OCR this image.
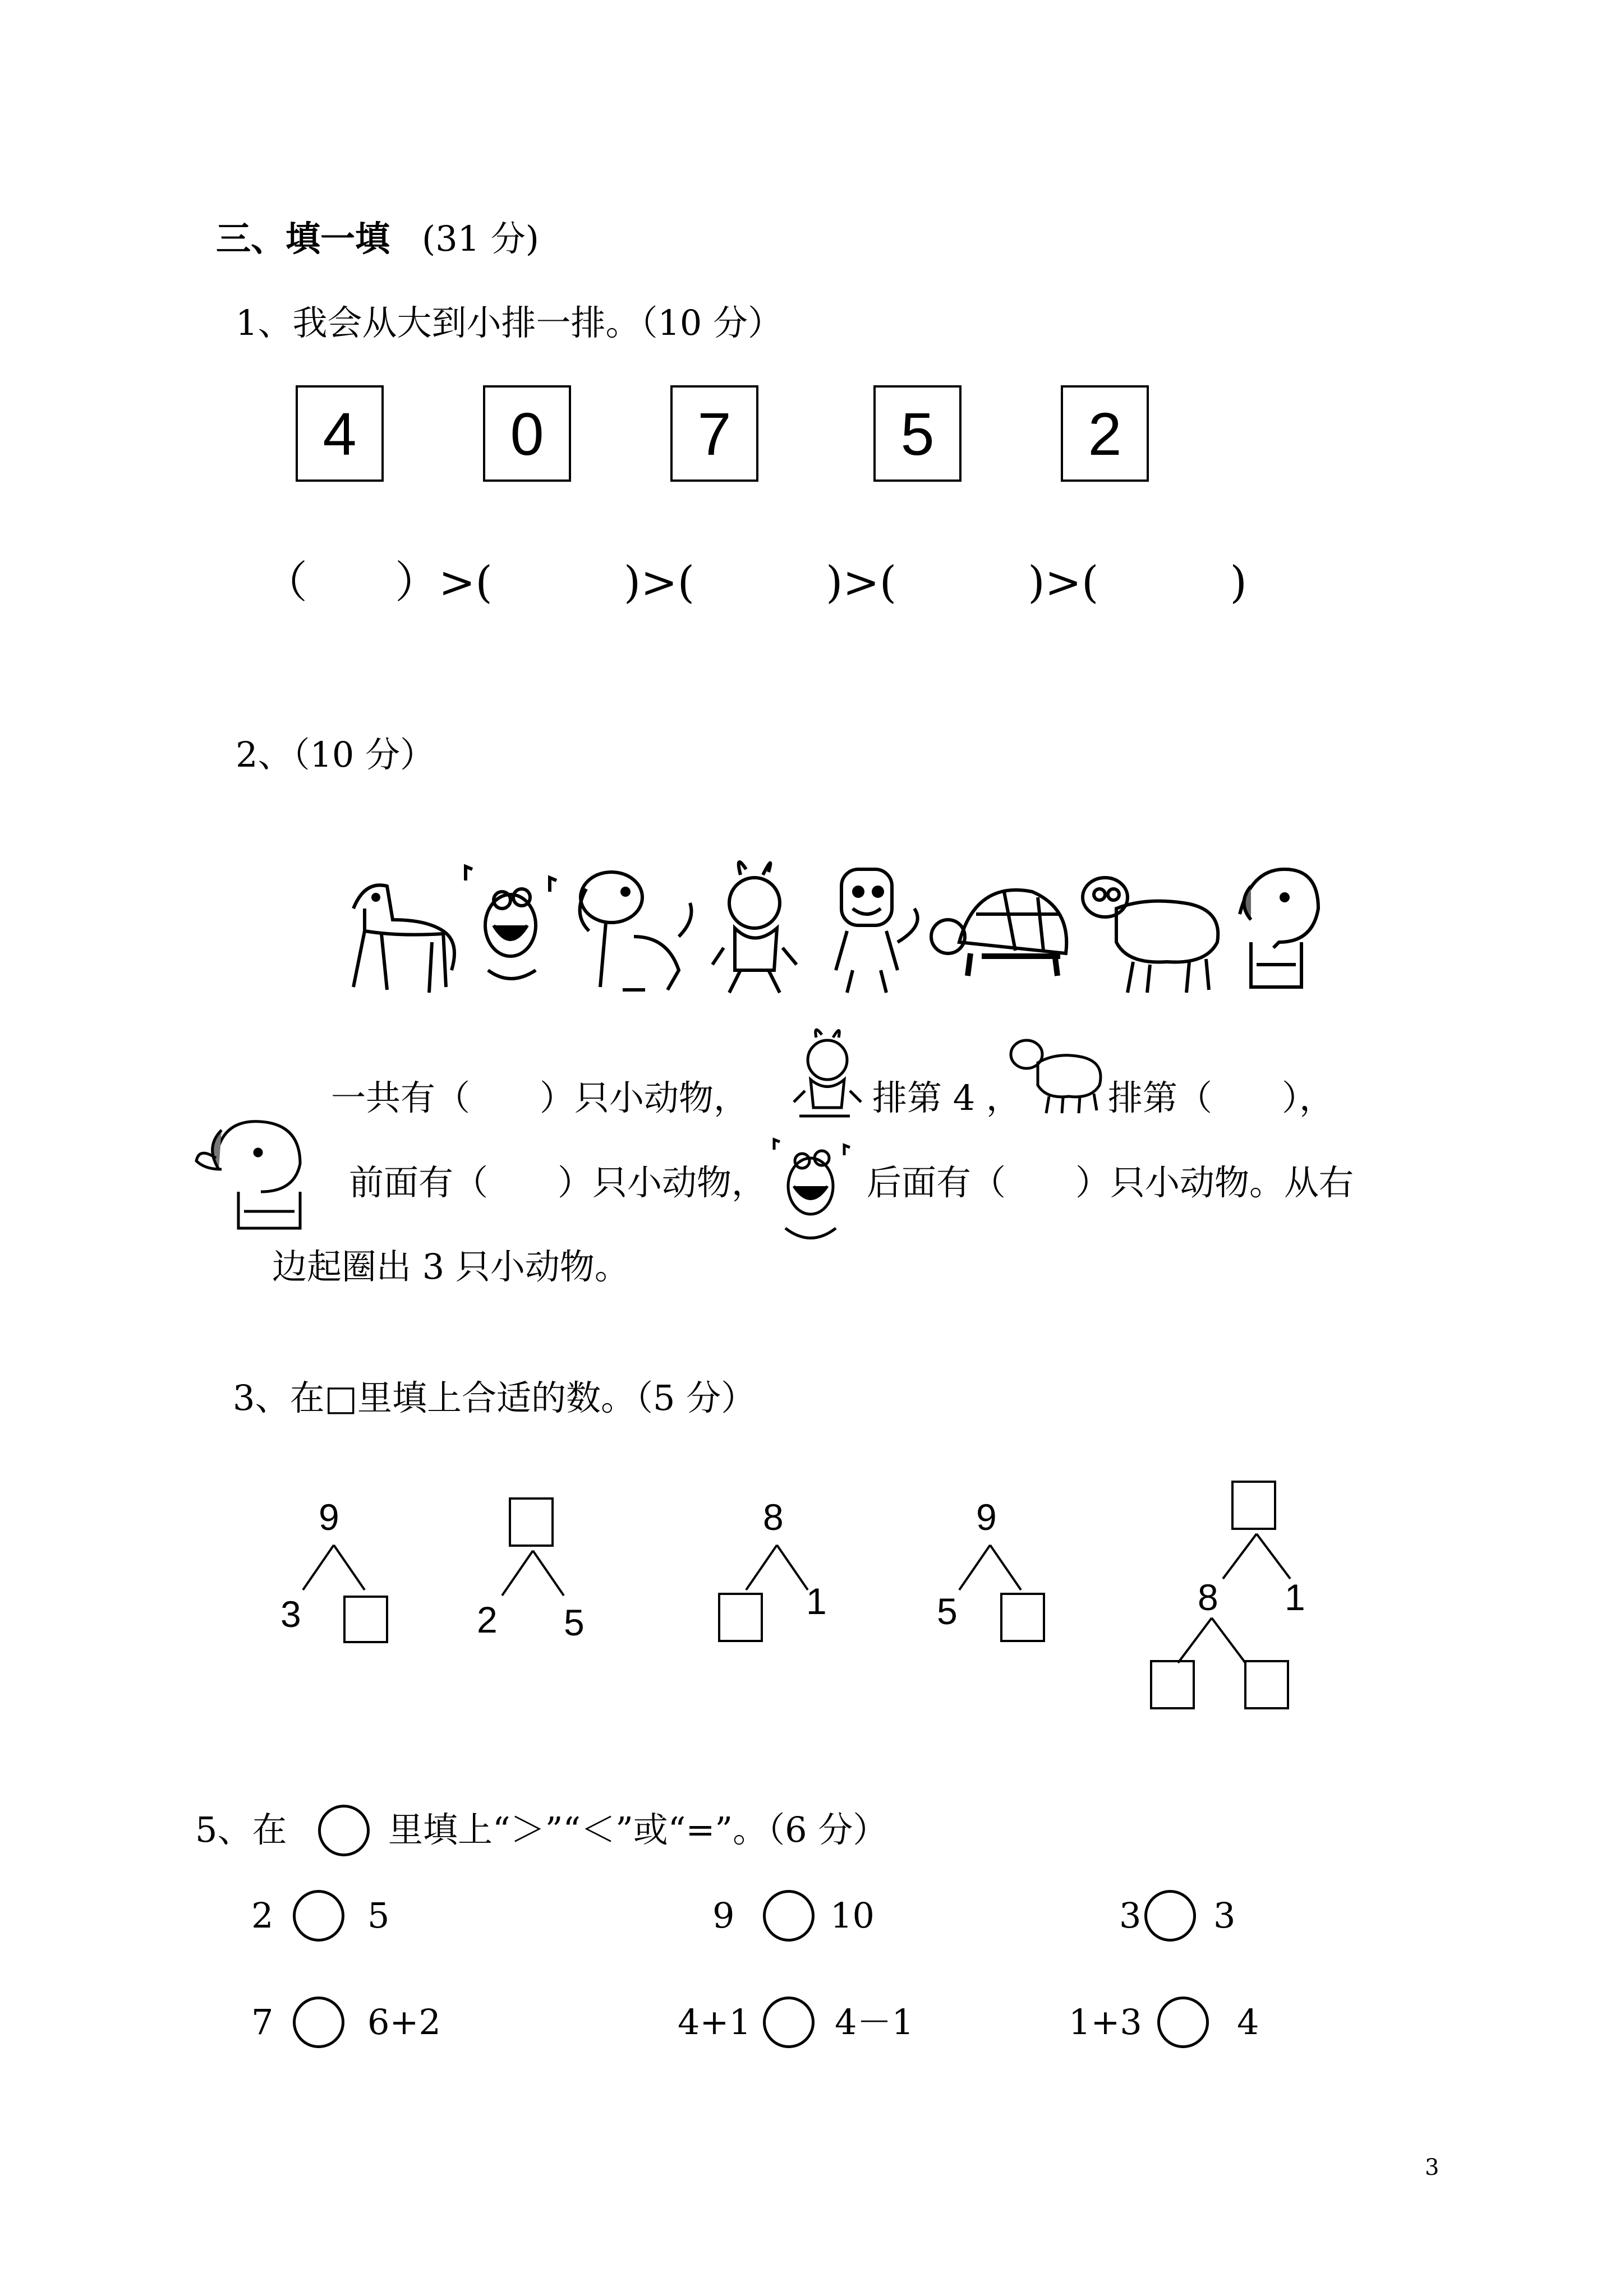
三、填一填 (31 分)
1、我会从大到小排一排。（10 分）
4	0	7	5	2
（　　）>(　　　)>(　　　)>(　　　)>(　　　)
2、（10 分）
一共有（　　）只小动物，	排第 4 ，	排第（　　），
前面有（　　）只小动物，	后面有（　　）只小动物。从右
边起圈出 3 只小动物。
3、在□里填上合适的数。（5 分）
9
3	2 5
8
1
9
5	8 1
5、在	里填上“＞”“＜”或“=”。（6 分）
2	5	9	10	3 3
7	6+2	4+1 4－1	1+3	4
3
